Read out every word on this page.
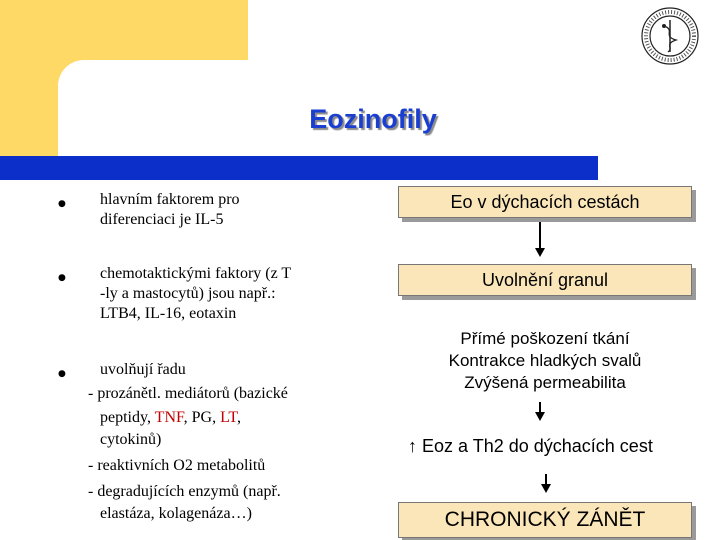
Eozinofily
● hlavním faktorem pro
diferenciaci je IL-5
● chemotaktickými faktory (z T
-ly a mastocytů) jsou např.:
LTB4, IL-16, eotaxin
● uvolňují řadu
- prozánětl. mediátorů (bazické
peptidy, TNF, PG, LT,
cytokinů)
- reaktivních O2 metabolitů
- degradujících enzymů (např.
elastáza, kolagenáza…)
Eo v dýchacích cestách
Uvolnění granul
Přímé poškození tkání
Kontrakce hladkých svalů
Zvýšená permeabilita
↑ Eoz a Th2 do dýchacích cest
CHRONICKÝ ZÁNĚT
